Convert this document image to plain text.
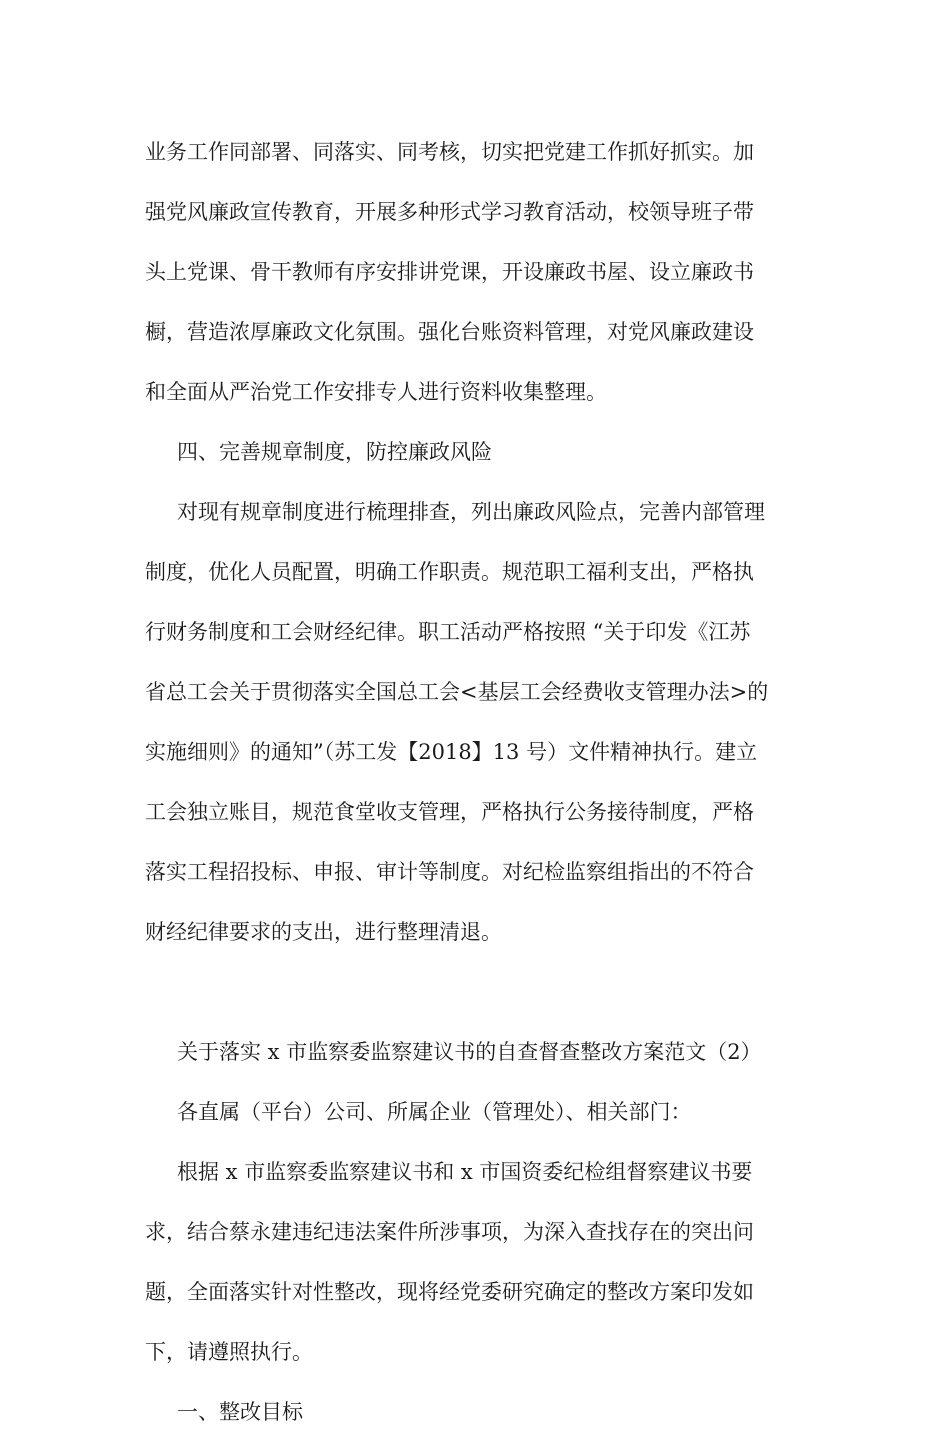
业务工作同部署、同落实、同考核，切实把党建工作抓好抓实。加
强党风廉政宣传教育，开展多种形式学习教育活动，校领导班子带
头上党课、骨干教师有序安排讲党课，开设廉政书屋、设立廉政书
橱，营造浓厚廉政文化氛围。强化台账资料管理，对党风廉政建设
和全面从严治党工作安排专人进行资料收集整理。

四、完善规章制度，防控廉政风险

对现有规章制度进行梳理排查，列出廉政风险点，完善内部管理
制度，优化人员配置，明确工作职责。规范职工福利支出，严格执
行财务制度和工会财经纪律。职工活动严格按照 “关于印发《江苏
省总工会关于贯彻落实全国总工会<基层工会经费收支管理办法>的
实施细则》的通知”（苏工发【2018】13 号）文件精神执行。建立
工会独立账目，规范食堂收支管理，严格执行公务接待制度，严格
落实工程招投标、申报、审计等制度。对纪检监察组指出的不符合
财经纪律要求的支出，进行整理清退。

关于落实 x 市监察委监察建议书的自查督查整改方案范文（2）

各直属（平台）公司、所属企业（管理处）、相关部门：

根据 x 市监察委监察建议书和 x 市国资委纪检组督察建议书要
求，结合蔡永建违纪违法案件所涉事项，为深入查找存在的突出问
题，全面落实针对性整改，现将经党委研究确定的整改方案印发如
下，请遵照执行。

一、整改目标
